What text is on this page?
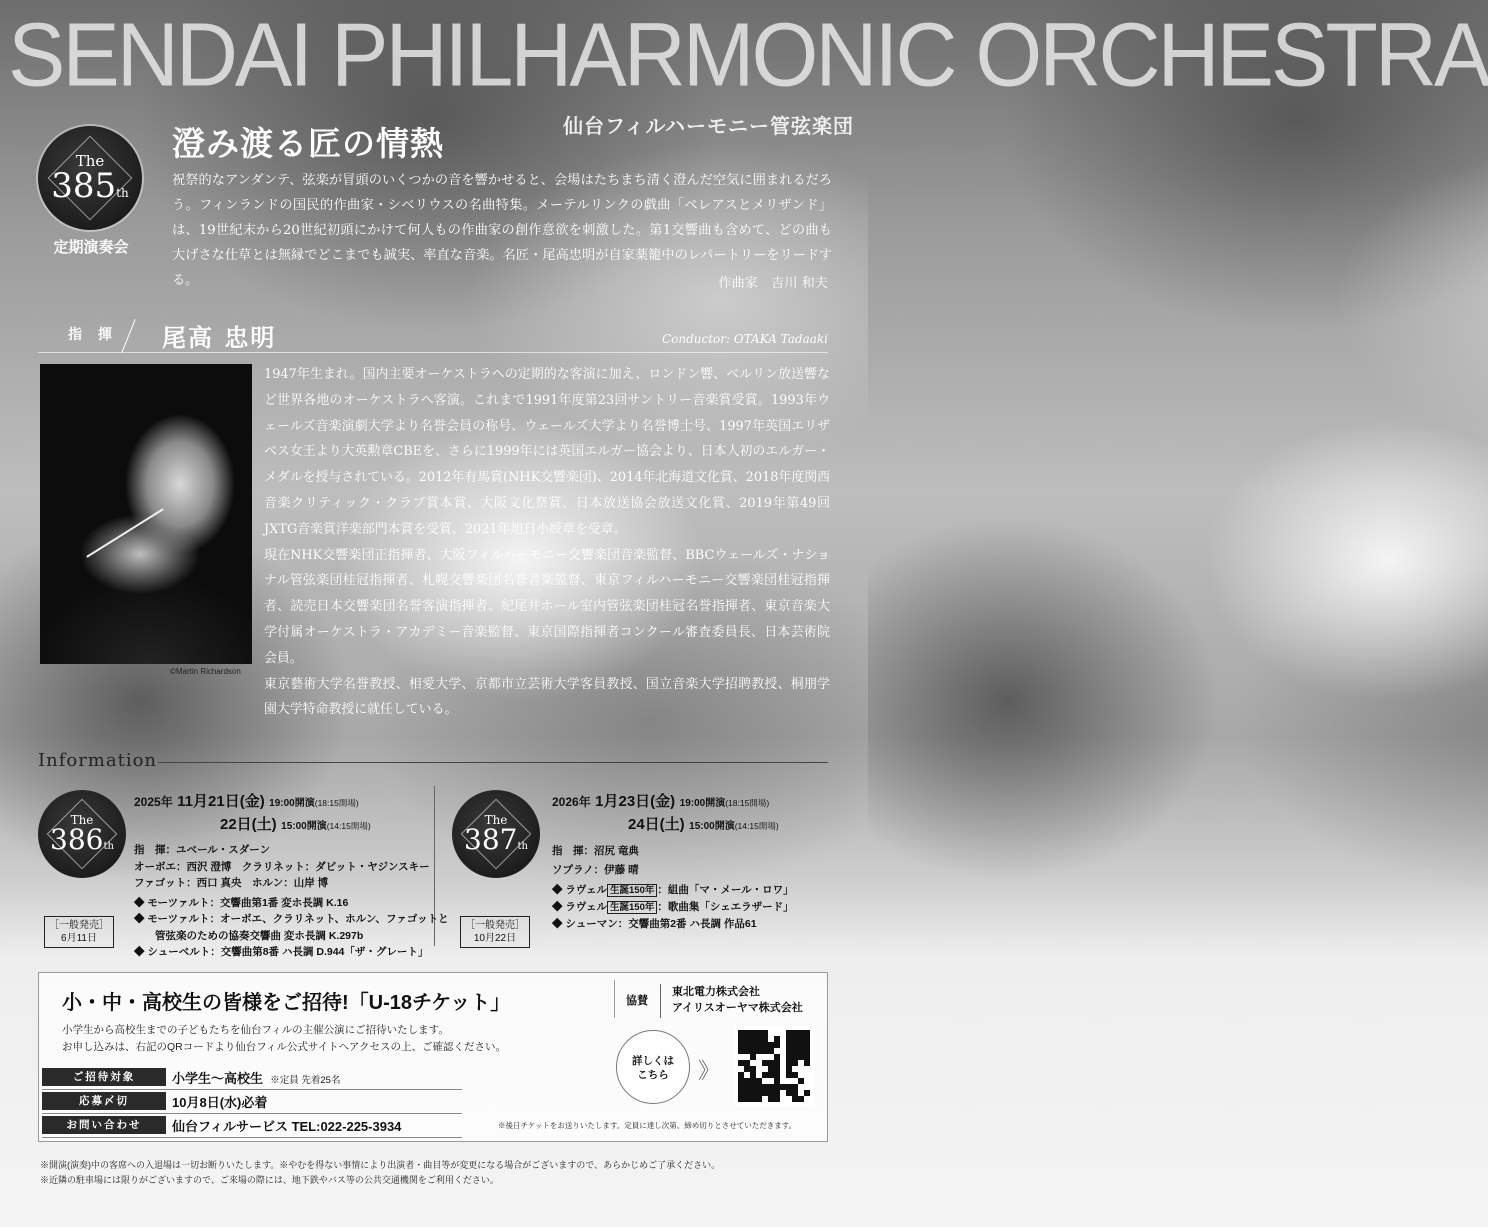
SENDAI PHILHARMONIC ORCHESTRA
仙台フィルハーモニー管弦楽団
The
385th
定期演奏会
澄み渡る匠の情熱
祝祭的なアンダンテ、弦楽が冒頭のいくつかの音を響かせると、会場はたちまち清く澄んだ空気に囲まれるだろう。フィンランドの国民的作曲家・シベリウスの名曲特集。メーテルリンクの戯曲「ペレアスとメリザンド」は、19世紀末から20世紀初頭にかけて何人もの作曲家の創作意欲を刺激した。第1交響曲も含めて、どの曲も大げさな仕草とは無縁でどこまでも誠実、率直な音楽。名匠・尾高忠明が自家薬籠中のレパートリーをリードする。	作曲家　吉川 和夫
指 揮 尾高 忠明	Conductor: OTAKA Tadaaki
©Martin Richardson

1947年生まれ。国内主要オーケストラへの定期的な客演に加え、ロンドン響、ベルリン放送響など世界各地のオーケストラへ客演。これまで1991年度第23回サントリー音楽賞受賞。1993年ウェールズ音楽演劇大学より名誉会員の称号、ウェールズ大学より名誉博士号、1997年英国エリザベス女王より大英勲章CBEを、さらに1999年には英国エルガー協会より、日本人初のエルガー・メダルを授与されている。2012年有馬賞(NHK交響楽団)、2014年北海道文化賞、2018年度関西音楽クリティック・クラブ賞本賞、大阪文化祭賞、日本放送協会放送文化賞、2019年第49回JXTG音楽賞洋楽部門本賞を受賞、2021年旭日小綬章を受章。

現在NHK交響楽団正指揮者、大阪フィルハーモニー交響楽団音楽監督、BBCウェールズ・ナショナル管弦楽団桂冠指揮者、札幌交響楽団名誉音楽監督、東京フィルハーモニー交響楽団桂冠指揮者、読売日本交響楽団名誉客演指揮者、紀尾井ホール室内管弦楽団桂冠名誉指揮者、東京音楽大学付属オーケストラ・アカデミー音楽監督、東京国際指揮者コンクール審査委員長、日本芸術院会員。

東京藝術大学名誉教授、相愛大学、京都市立芸術大学客員教授、国立音楽大学招聘教授、桐朋学園大学特命教授に就任している。

Information
The
386th
［一般発売］
6月11日
2025年 11月21日(金) 19:00開演(18:15開場)
22日(土) 15:00開演(14:15開場)
指　揮：ユベール・スダーン
オーボエ：西沢 澄博　クラリネット：ダビット・ヤジンスキー
ファゴット：西口 真央　ホルン：山岸 博
◆ モーツァルト：交響曲第1番 変ホ長調 K.16
◆ モーツァルト：オーボエ、クラリネット、ホルン、ファゴットと
　　管弦楽のための協奏交響曲 変ホ長調 K.297b
◆ シューベルト：交響曲第8番 ハ長調 D.944「ザ・グレート」
The
387th
［一般発売］
10月22日
2026年 1月23日(金) 19:00開演(18:15開場)
24日(土) 15:00開演(14:15開場)
指　揮：沼尻 竜典
ソプラノ：伊藤 晴
◆ ラヴェル 生誕150年 ：組曲「マ・メール・ロワ」
◆ ラヴェル 生誕150年 ：歌曲集「シェエラザード」
◆ シューマン：交響曲第2番 ハ長調 作品61
小・中・高校生の皆様をご招待!「U-18チケット」
小学生から高校生までの子どもたちを仙台フィルの主催公演にご招待いたします。
お申し込みは、右記のQRコードより仙台フィル公式サイトへアクセスの上、ご確認ください。
協賛
東北電力株式会社
アイリスオーヤマ株式会社
ご招待対象	小学生〜高校生 ※定員 先着25名
応募〆切	10月8日(水)必着
お問い合わせ	仙台フィルサービス TEL:022-225-3934
詳しくは
こちら	》
※後日チケットをお送りいたします。定員に達し次第、締め切りとさせていただきます。
※開演(演奏)中の客席への入退場は一切お断りいたします。※やむを得ない事情により出演者・曲目等が変更になる場合がございますので、あらかじめご了承ください。
※近隣の駐車場には限りがございますので、ご来場の際には、地下鉄やバス等の公共交通機関をご利用ください。
